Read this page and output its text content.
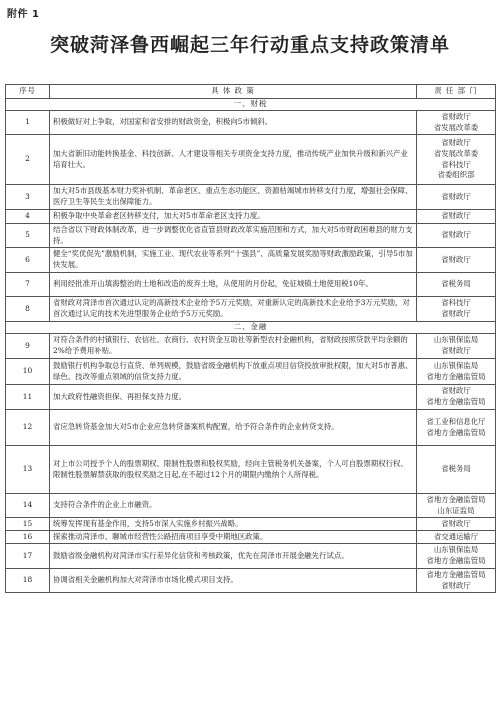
附件 1
突破菏泽鲁西崛起三年行动重点支持政策清单
序号	具 体 政 策	责 任 部 门
一、财税		
1	积极做好对上争取，对国家和省安排的财政资金，积极向5市倾斜。	省财政厅
省发展改革委

2	加大省新旧动能转换基金、科技创新、人才建设等相关专项资金支持力度，推动传统产业加快升级和新兴产业培育壮大。	省财政厅
省发展改革委
省科技厅
省委组织部

3	加大对5市县级基本财力奖补机制、革命老区、重点生态功能区、资源枯竭城市转移支付力度，增强社会保障、医疗卫生等民生支出保障能力。	省财政厅

4	积极争取中央革命老区转移支付，加大对5市革命老区支持力度。	省财政厅

5	结合省以下财政体制改革，进一步调整优化省直管县财政改革实施范围和方式，加大对5市财政困难县的财力支持。	省财政厅

6	健全“奖优促先”激励机制，实施工业、现代农业等系列“十强县”、高质量发展奖励等财政激励政策，引导5市加快发展。	省财政厅

7	利用经批准开山填海整治的土地和改造的废弃土地，从使用的月份起，免征城镇土地使用税10年。	省税务局

8	省财政对菏泽市首次通过认定的高新技术企业给予5万元奖励，对重新认定的高新技术企业给予3万元奖励，对首次通过认定的技术先进型服务企业给予5万元奖励。	省科技厅
省财政厅

二、金融		
9	对符合条件的村镇银行、农信社、农商行、农村资金互助社等新型农村金融机构，省财政按照贷款平均余额的2%给予费用补贴。	山东银保监局
省财政厅

10	鼓励银行机构争取总行直贷、单列规模，鼓励省级金融机构下放重点项目信贷投放审批权限，加大对5市普惠、绿色、技改等重点领域的信贷支持力度。	山东银保监局
省地方金融监管局

11	加大政府性融资担保、再担保支持力度。	省财政厅
省地方金融监管局

12	省应急转贷基金加大对5市企业应急转贷备案机构配置，给予符合条件的企业转贷支持。	省工业和信息化厅
省地方金融监管局

13	对上市公司授予个人的股票期权、限制性股票和股权奖励，经向主管税务机关备案，个人可自股票期权行权、限制性股票解禁获取的股权奖励之日起,在不超过12个月的期限内缴纳个人所得税。	省税务局

14	支持符合条件的企业上市融资。	省地方金融监管局
山东证监局

15	统筹发挥现有基金作用，支持5市深入实施乡村振兴战略。	省财政厅

16	探索推动菏泽市、聊城市经营性公路招商项目享受中期地区政策。	省交通运输厅

17	鼓励省级金融机构对菏泽市实行差异化信贷和考核政策，优先在菏泽市开展金融先行试点。	山东银保监局
省地方金融监管局

18	协调省相关金融机构加大对菏泽市市场化模式项目支持。	省地方金融监管局
省财政厅
